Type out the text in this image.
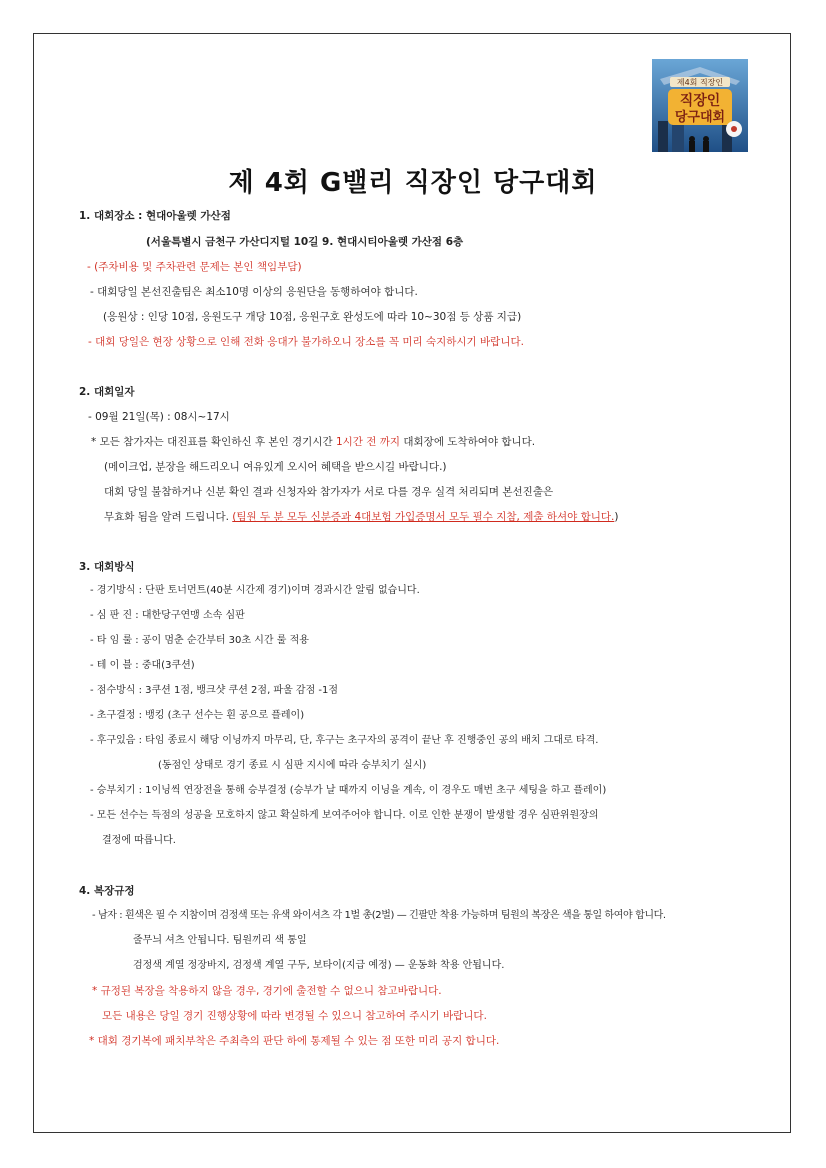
제4회 직장인
직장인
당구대회
제 4회 G밸리 직장인 당구대회
1. 대회장소 : 현대아울렛 가산점
(서울특별시 금천구 가산디지털 10길 9. 현대시티아울렛 가산점 6층
- (주차비용 및 주차관련 문제는 본인 책임부담)
- 대회당일 본선진출팀은 최소10명 이상의 응원단을 동행하여야 합니다.
(응원상 : 인당 10점, 응원도구 개당 10점, 응원구호 완성도에 따라 10~30점 등 상품 지급)
- 대회 당일은 현장 상황으로 인해 전화 응대가 불가하오니 장소를 꼭 미리 숙지하시기 바랍니다.
2. 대회일자
- 09월 21일(목) : 08시~17시
* 모든 참가자는 대진표를 확인하신 후 본인 경기시간 1시간 전 까지 대회장에 도착하여야 합니다.
(메이크업, 분장을 해드리오니 여유있게 오시어 혜택을 받으시길 바랍니다.)
대회 당일 불참하거나 신분 확인 결과 신청자와 참가자가 서로 다를 경우 실격 처리되며 본선진출은
무효화 됨을 알려 드립니다. (팀원 두 분 모두 신분증과 4대보험 가입증명서 모두 필수 지참, 제출 하셔야 합니다.)
3. 대회방식
- 경기방식 : 단판 토너먼트(40분 시간제 경기)이며 경과시간 알림 없습니다.
- 심 판 진 : 대한당구연맹 소속 심판
- 타 임 룰 : 공이 멈춘 순간부터 30초 시간 룰 적용
- 테 이 블 : 중대(3쿠션)
- 점수방식 : 3쿠션 1점, 뱅크샷 쿠션 2점, 파울 감점 -1점
- 초구결정 : 뱅킹 (초구 선수는 흰 공으로 플레이)
- 후구있음 : 타임 종료시 해당 이닝까지 마무리, 단, 후구는 초구자의 공격이 끝난 후 진행중인 공의 배치 그대로 타격.
(동점인 상태로 경기 종료 시 심판 지시에 따라 승부치기 실시)
- 승부치기 : 1이닝씩 연장전을 통해 승부결정 (승부가 날 때까지 이닝을 계속, 이 경우도 매번 초구 세팅을 하고 플레이)
- 모든 선수는 득점의 성공을 모호하지 않고 확실하게 보여주어야 합니다. 이로 인한 분쟁이 발생할 경우 심판위원장의
결정에 따릅니다.
4. 복장규정
- 남자 : 흰색은 필 수 지참이며 검정색 또는 유색 와이셔츠 각 1벌 총(2벌) — 긴팔만 착용 가능하며 팀원의 복장은 색을 통일 하여야 합니다.
줄무늬 셔츠 안됩니다. 팀원끼리 색 통일
검정색 계열 정장바지, 검정색 계열 구두, 보타이(지급 예정) — 운동화 착용 안됩니다.
* 규정된 복장을 착용하지 않을 경우, 경기에 출전할 수 없으니 참고바랍니다.
모든 내용은 당일 경기 진행상황에 따라 변경될 수 있으니 참고하여 주시기 바랍니다.
* 대회 경기복에 패치부착은 주최측의 판단 하에 통제될 수 있는 점 또한 미리 공지 합니다.
